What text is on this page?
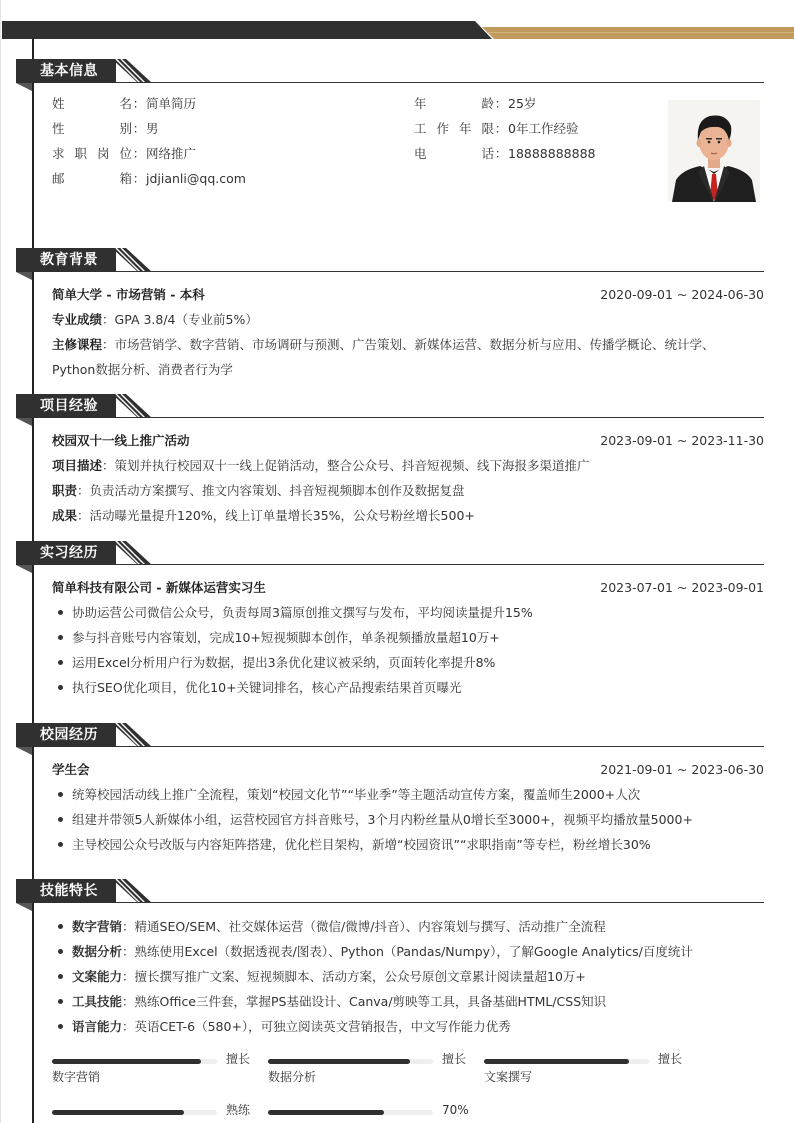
基本信息
姓名：简单简历
性别：男
求职岗位：网络推广
邮箱：jdjianli@qq.com
年龄：25岁
工作年限：0年工作经验
电话：18888888888
教育背景
简单大学 - 市场营销 - 本科	2020-09-01 ~ 2024-06-30
专业成绩：GPA 3.8/4（专业前5%）
主修课程：市场营销学、数字营销、市场调研与预测、广告策划、新媒体运营、数据分析与应用、传播学概论、统计学、
Python数据分析、消费者行为学
项目经验
校园双十一线上推广活动	2023-09-01 ~ 2023-11-30
项目描述：策划并执行校园双十一线上促销活动，整合公众号、抖音短视频、线下海报多渠道推广
职责：负责活动方案撰写、推文内容策划、抖音短视频脚本创作及数据复盘
成果：活动曝光量提升120%，线上订单量增长35%，公众号粉丝增长500+
实习经历
简单科技有限公司 - 新媒体运营实习生	2023-07-01 ~ 2023-09-01
协助运营公司微信公众号，负责每周3篇原创推文撰写与发布，平均阅读量提升15%
参与抖音账号内容策划，完成10+短视频脚本创作，单条视频播放量超10万+
运用Excel分析用户行为数据，提出3条优化建议被采纳，页面转化率提升8%
执行SEO优化项目，优化10+关键词排名，核心产品搜索结果首页曝光
校园经历
学生会	2021-09-01 ~ 2023-06-30
统筹校园活动线上推广全流程，策划“校园文化节”“毕业季”等主题活动宣传方案，覆盖师生2000+人次
组建并带领5人新媒体小组，运营校园官方抖音账号，3个月内粉丝量从0增长至3000+，视频平均播放量5000+
主导校园公众号改版与内容矩阵搭建，优化栏目架构，新增“校园资讯”“求职指南”等专栏，粉丝增长30%
技能特长
数字营销：精通SEO/SEM、社交媒体运营（微信/微博/抖音）、内容策划与撰写、活动推广全流程
数据分析：熟练使用Excel（数据透视表/图表）、Python（Pandas/Numpy），了解Google Analytics/百度统计
文案能力：擅长撰写推广文案、短视频脚本、活动方案，公众号原创文章累计阅读量超10万+
工具技能：熟练Office三件套，掌握PS基础设计、Canva/剪映等工具，具备基础HTML/CSS知识
语言能力：英语CET-6（580+），可独立阅读英文营销报告，中文写作能力优秀
擅长
数字营销
擅长
数据分析
擅长
文案撰写
熟练	70%
